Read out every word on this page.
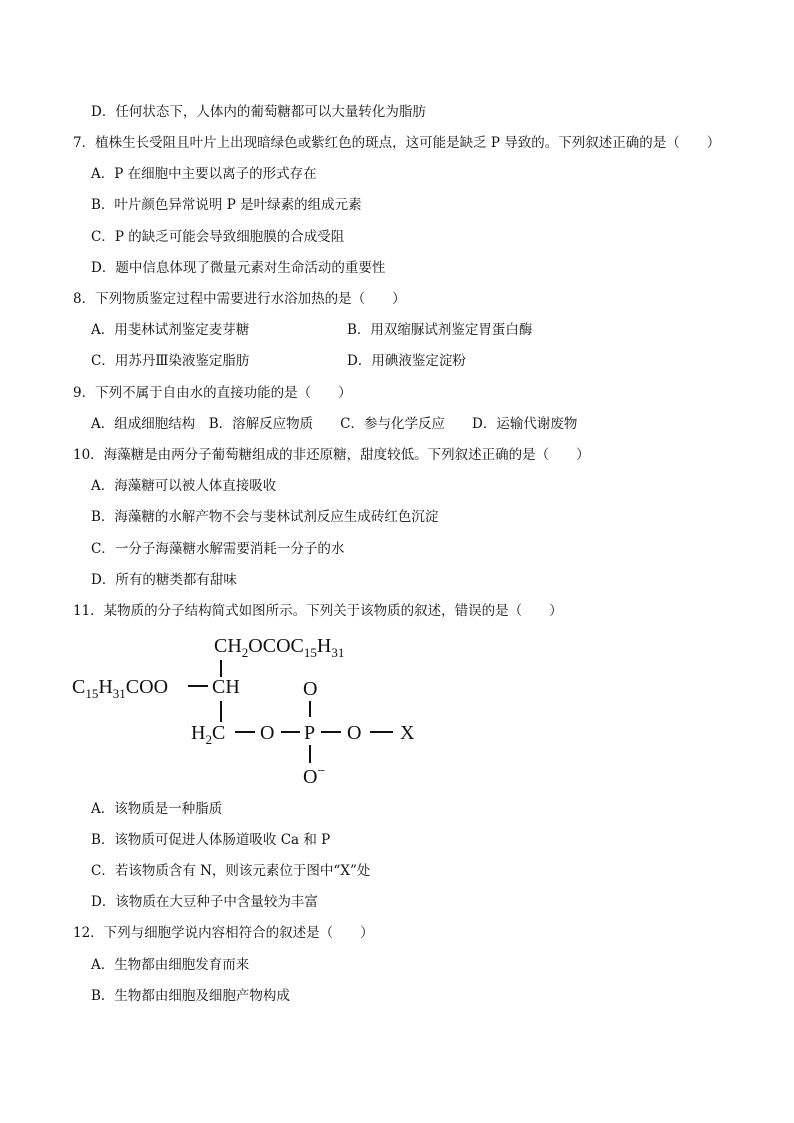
D．任何状态下，人体内的葡萄糖都可以大量转化为脂肪
7．植株生长受阻且叶片上出现暗绿色或紫红色的斑点，这可能是缺乏 P 导致的。下列叙述正确的是（　　）
A．P 在细胞中主要以离子的形式存在
B．叶片颜色异常说明 P 是叶绿素的组成元素
C．P 的缺乏可能会导致细胞膜的合成受阻
D．题中信息体现了微量元素对生命活动的重要性
8．下列物质鉴定过程中需要进行水浴加热的是（　　）
A．用斐林试剂鉴定麦芽糖	B．用双缩脲试剂鉴定胃蛋白酶
C．用苏丹Ⅲ染液鉴定脂肪	D．用碘液鉴定淀粉
9．下列不属于自由水的直接功能的是（　　）
A．组成细胞结构　B．溶解反应物质　　C．参与化学反应　　D．运输代谢废物
10．海藻糖是由两分子葡萄糖组成的非还原糖，甜度较低。下列叙述正确的是（　　）
A．海藻糖可以被人体直接吸收
B．海藻糖的水解产物不会与斐林试剂反应生成砖红色沉淀
C．一分子海藻糖水解需要消耗一分子的水
D．所有的糖类都有甜味
11．某物质的分子结构简式如图所示。下列关于该物质的叙述，错误的是（　　）
$CH_2OCOC_{15}H_{31}$
$C_{15}H_{31}COO$ CH	O
$H_2C$ O P O X
O−
A．该物质是一种脂质
B．该物质可促进人体肠道吸收 Ca 和 P
C．若该物质含有 N，则该元素位于图中“X”处
D．该物质在大豆种子中含量较为丰富
12．下列与细胞学说内容相符合的叙述是（　　）
A．生物都由细胞发育而来
B．生物都由细胞及细胞产物构成
